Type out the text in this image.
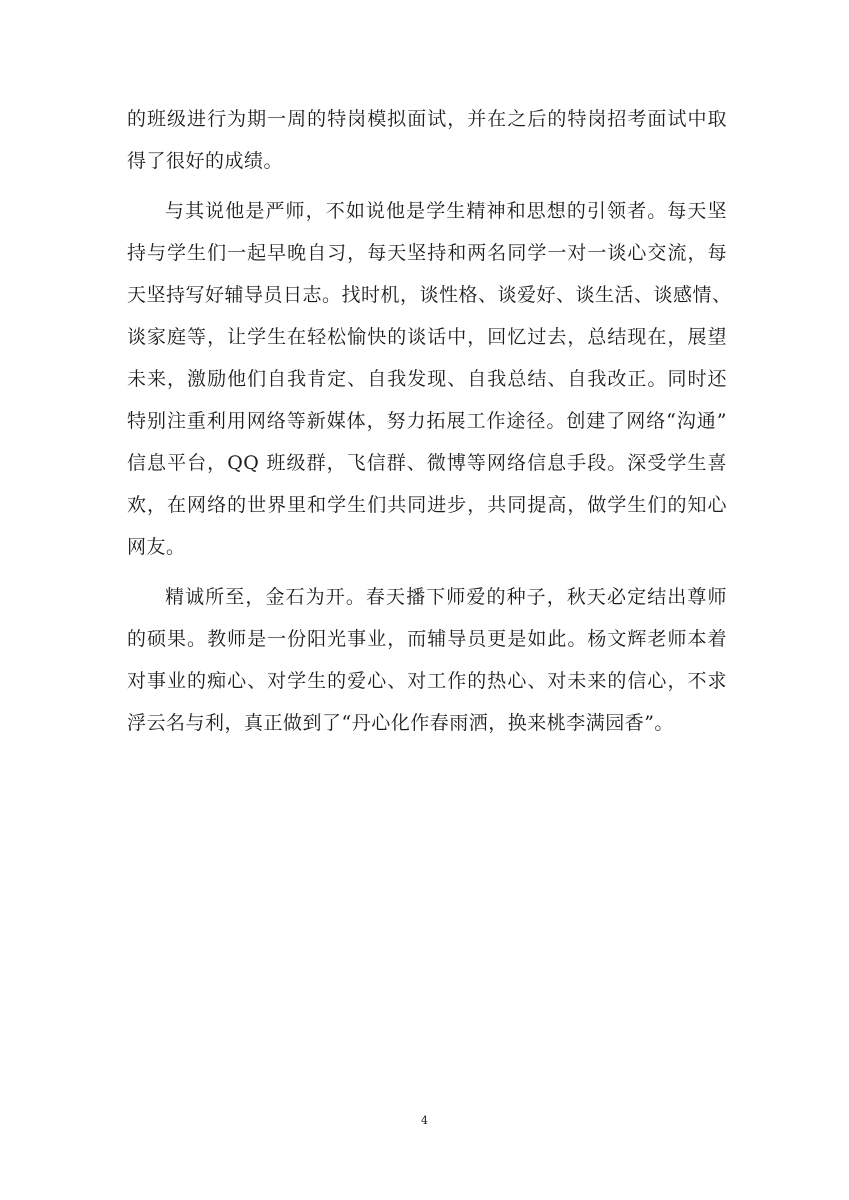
的班级进行为期一周的特岗模拟面试，并在之后的特岗招考面试中取
得了很好的成绩。
与其说他是严师，不如说他是学生精神和思想的引领者。每天坚
持与学生们一起早晚自习，每天坚持和两名同学一对一谈心交流，每
天坚持写好辅导员日志。找时机，谈性格、谈爱好、谈生活、谈感情、
谈家庭等，让学生在轻松愉快的谈话中，回忆过去，总结现在，展望
未来，激励他们自我肯定、自我发现、自我总结、自我改正。同时还
特别注重利用网络等新媒体，努力拓展工作途径。创建了网络“沟通”
信息平台，QQ 班级群，飞信群、微博等网络信息手段。深受学生喜
欢，在网络的世界里和学生们共同进步，共同提高，做学生们的知心
网友。
精诚所至，金石为开。春天播下师爱的种子，秋天必定结出尊师
的硕果。教师是一份阳光事业，而辅导员更是如此。杨文辉老师本着
对事业的痴心、对学生的爱心、对工作的热心、对未来的信心，不求
浮云名与利，真正做到了“丹心化作春雨洒，换来桃李满园香”。
4
